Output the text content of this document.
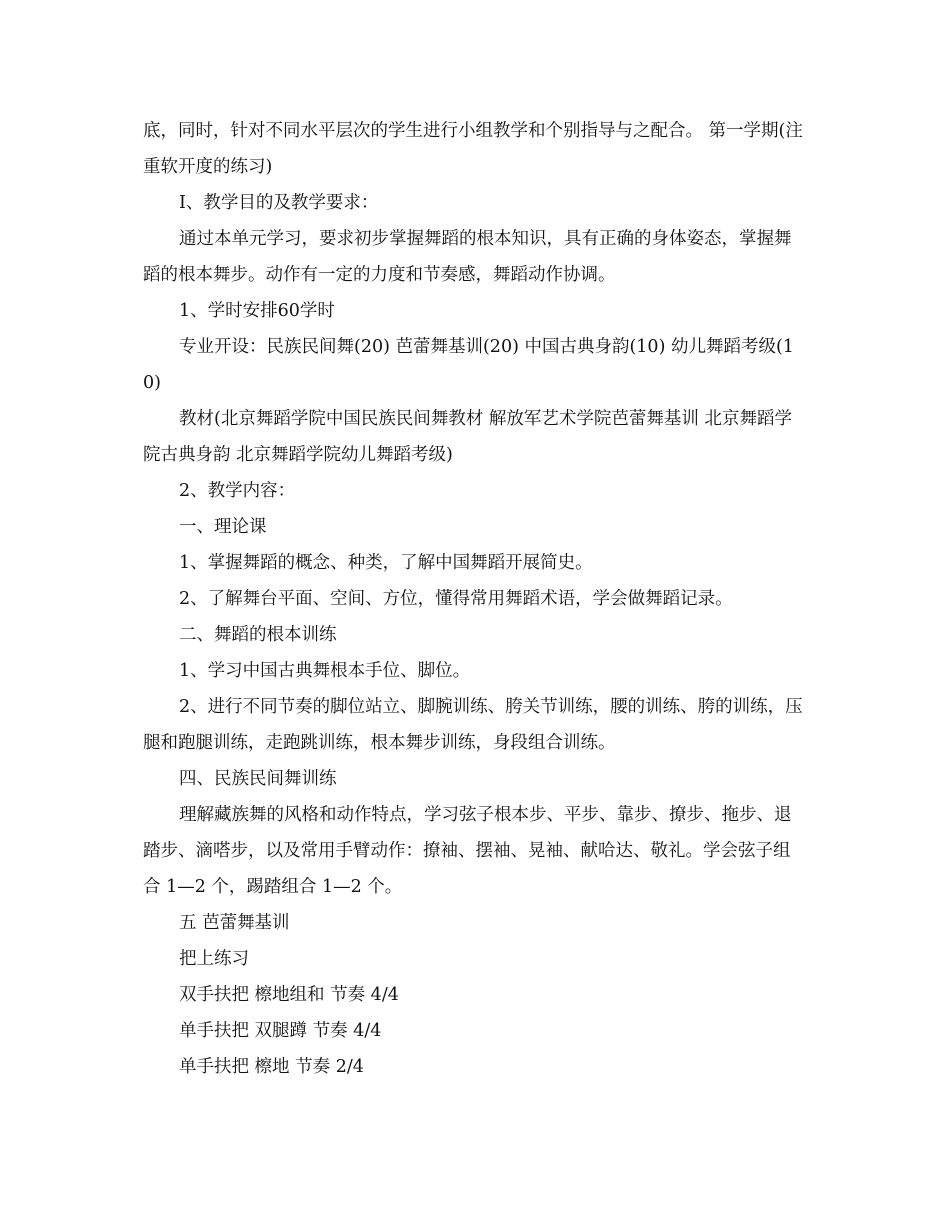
底，同时，针对不同水平层次的学生进行小组教学和个别指导与之配合。 第一学期(注重软开度的练习)

Ⅰ、教学目的及教学要求：

通过本单元学习，要求初步掌握舞蹈的根本知识，具有正确的身体姿态，掌握舞蹈的根本舞步。动作有一定的力度和节奏感，舞蹈动作协调。

1、学时安排60学时

专业开设：民族民间舞(20) 芭蕾舞基训(20) 中国古典身韵(10) 幼儿舞蹈考级(10)

教材(北京舞蹈学院中国民族民间舞教材 解放军艺术学院芭蕾舞基训 北京舞蹈学院古典身韵 北京舞蹈学院幼儿舞蹈考级)

2、教学内容：

一、理论课

1、掌握舞蹈的概念、种类，了解中国舞蹈开展简史。

2、了解舞台平面、空间、方位，懂得常用舞蹈术语，学会做舞蹈记录。

二、舞蹈的根本训练

1、学习中国古典舞根本手位、脚位。

2、进行不同节奏的脚位站立、脚腕训练、胯关节训练，腰的训练、胯的训练，压腿和跑腿训练，走跑跳训练，根本舞步训练，身段组合训练。

四、民族民间舞训练

理解藏族舞的风格和动作特点，学习弦子根本步、平步、靠步、撩步、拖步、退踏步、滴嗒步，以及常用手臂动作：撩袖、摆袖、晃袖、献哈达、敬礼。学会弦子组合 1—2 个，踢踏组合 1—2 个。

五 芭蕾舞基训

把上练习

双手扶把 檫地组和 节奏 4/4

单手扶把 双腿蹲 节奏 4/4

单手扶把 檫地 节奏 2/4
